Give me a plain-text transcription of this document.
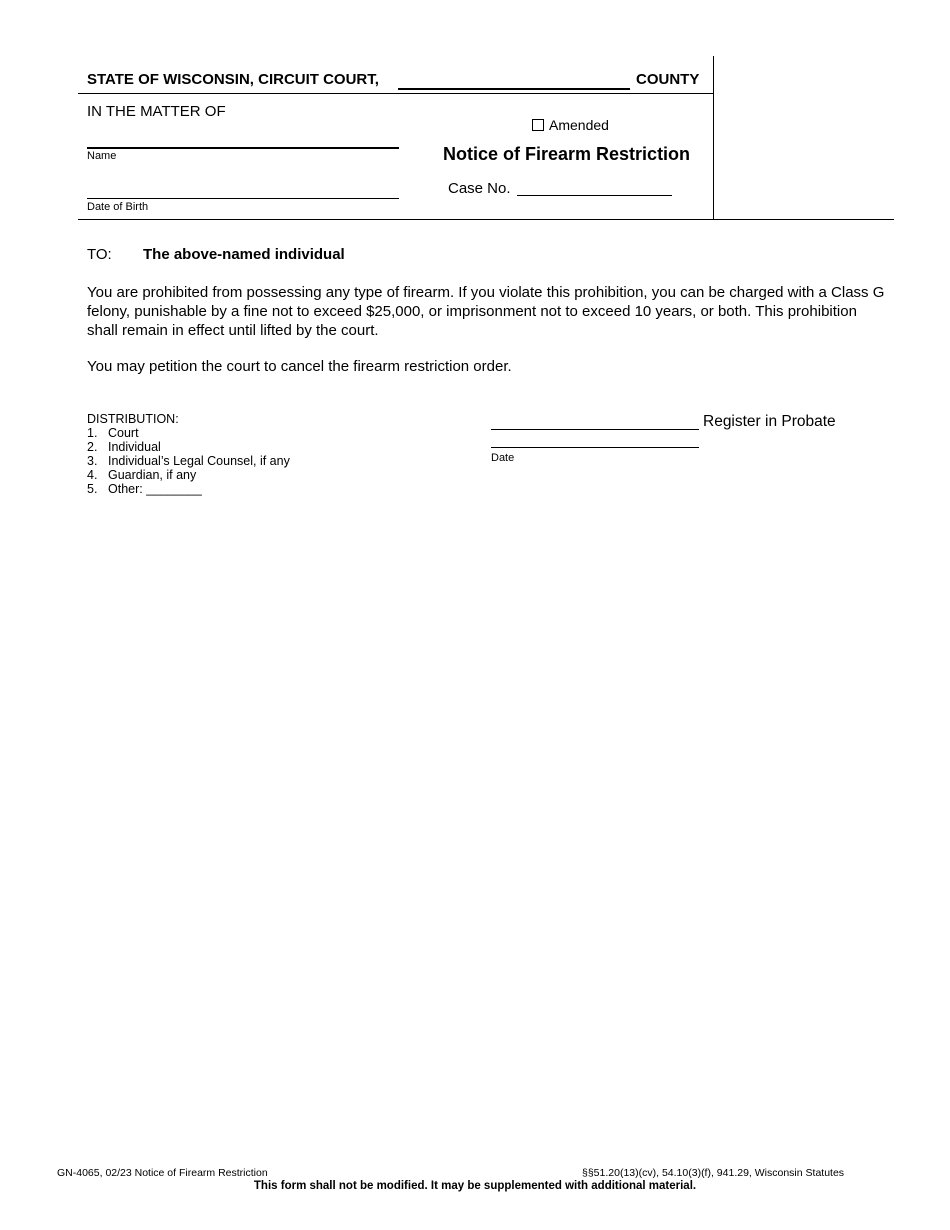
STATE OF WISCONSIN, CIRCUIT COURT,	COUNTY
IN THE MATTER OF
Name
Date of Birth
Amended
Notice of Firearm Restriction
Case No.
TO: The above-named individual
You are prohibited from possessing any type of firearm. If you violate this prohibition, you can be charged with a Class G felony, punishable by a fine not to exceed $25,000, or imprisonment not to exceed 10 years, or both. This prohibition shall remain in effect until lifted by the court.
You may petition the court to cancel the firearm restriction order.
DISTRIBUTION:
1. Court
2. Individual
3. Individual’s Legal Counsel, if any
4. Guardian, if any
5. Other: ________
Register in Probate
Date
GN-4065, 02/23 Notice of Firearm Restriction	§§51.20(13)(cv), 54.10(3)(f), 941.29, Wisconsin Statutes
This form shall not be modified. It may be supplemented with additional material.
